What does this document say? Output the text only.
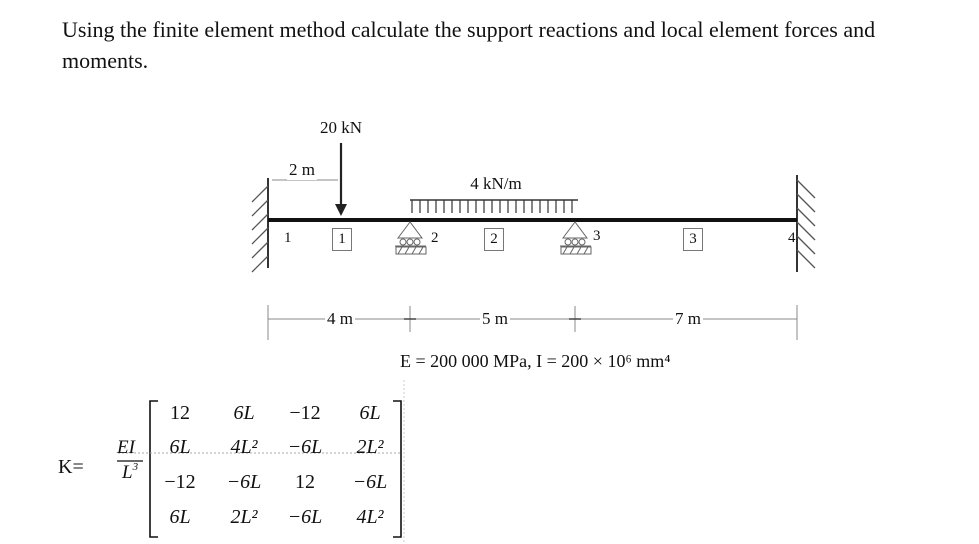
Using the finite element method calculate the support reactions and local element forces and moments.
20 kN
2 m
4 kN/m
1	2	3	4
1	2	3
4 m	5 m	7 m
E = 200 000 MPa, I = 200 × 10⁶ mm⁴
K=
EI
$L^3$
12 6L −12 6L
6L 4L² −6L 2L²
−12 −6L 12 −6L
6L 2L² −6L 4L²
